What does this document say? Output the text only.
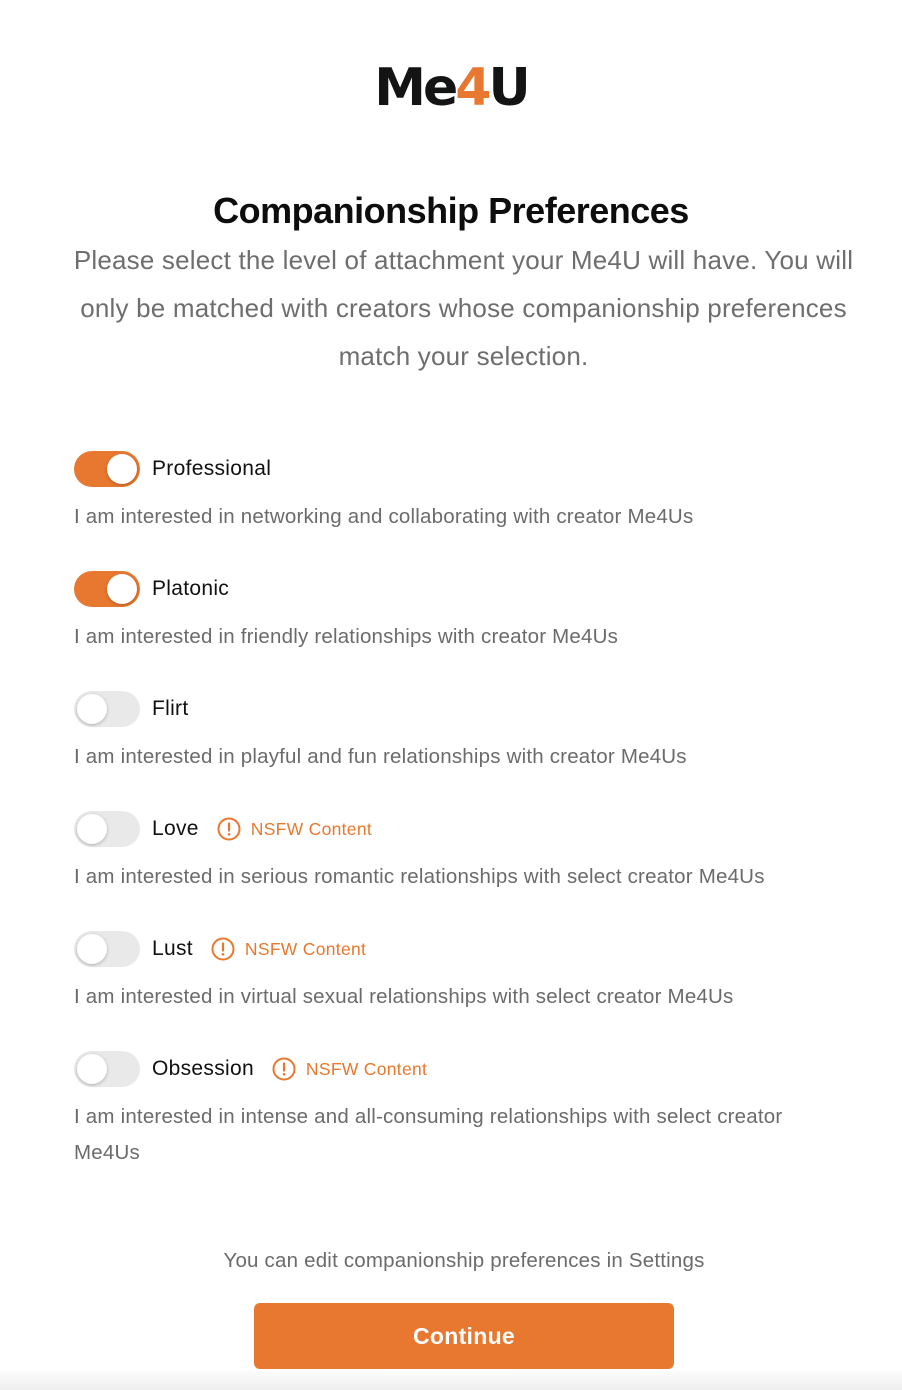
Me4U
Companionship Preferences
Please select the level of attachment your Me4U will have. You will only be matched with creators whose companionship preferences match your selection.
Professional
I am interested in networking and collaborating with creator Me4Us
Platonic
I am interested in friendly relationships with creator Me4Us
Flirt
I am interested in playful and fun relationships with creator Me4Us
Love	NSFW Content
I am interested in serious romantic relationships with select creator Me4Us
Lust	NSFW Content
I am interested in virtual sexual relationships with select creator Me4Us
Obsession	NSFW Content
I am interested in intense and all-consuming relationships with select creator Me4Us
You can edit companionship preferences in Settings
Continue
